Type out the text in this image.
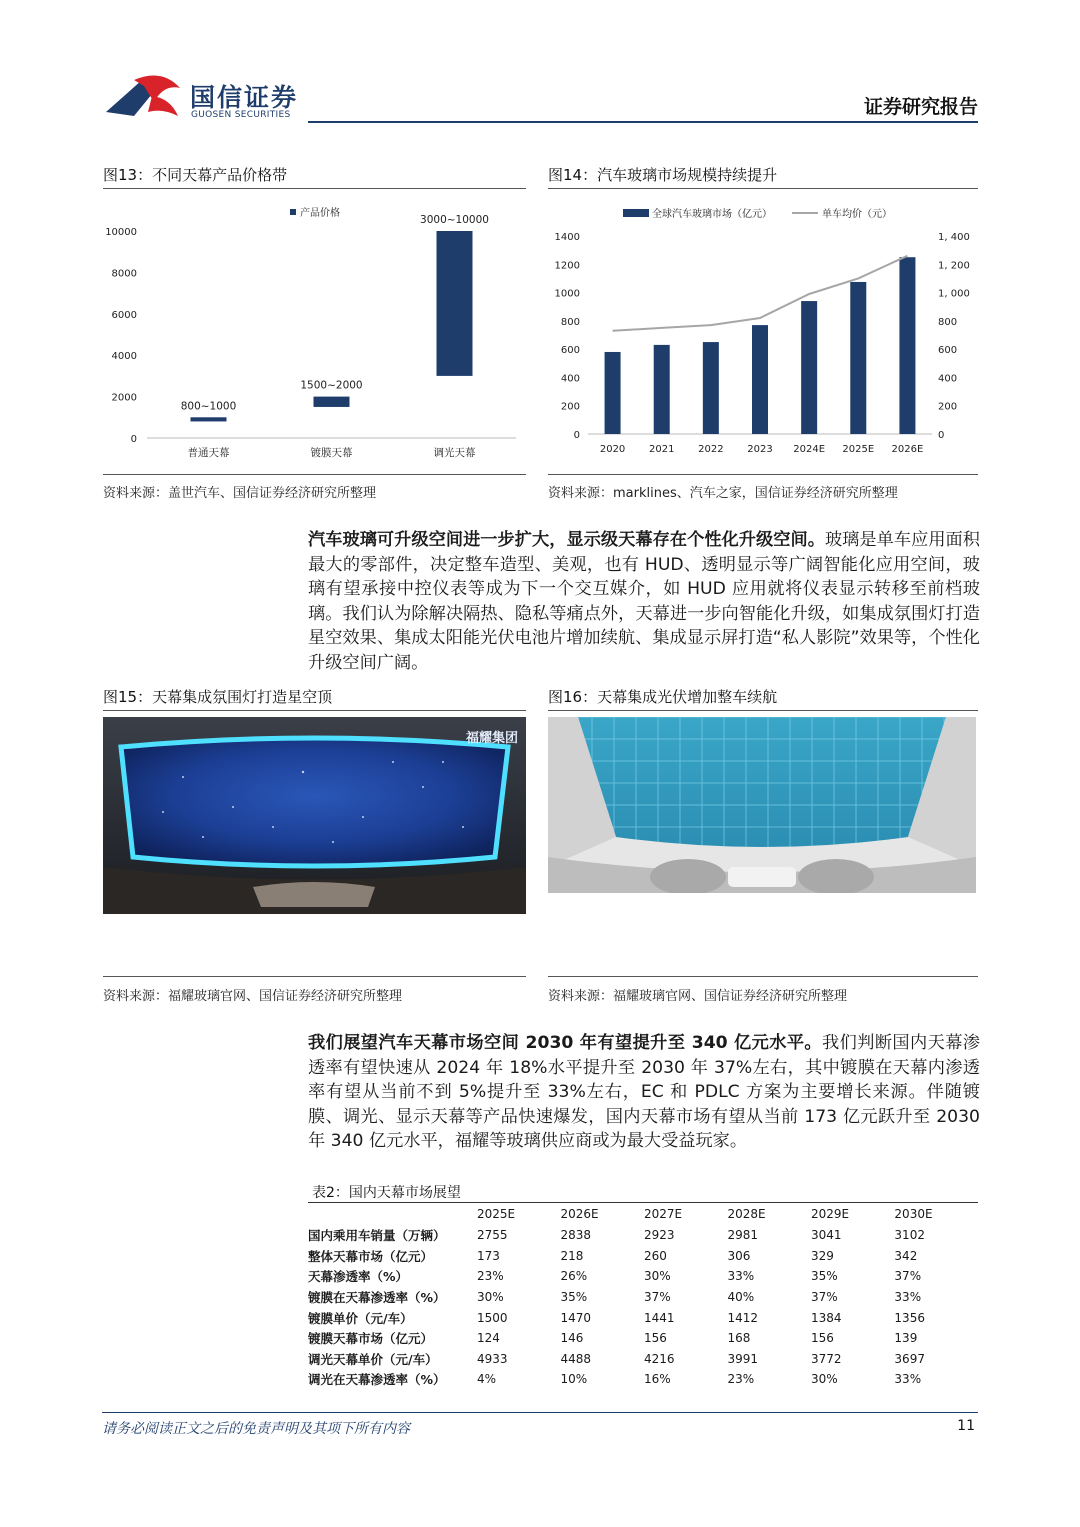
国信证券
GUOSEN SECURITIES	证券研究报告
图13：不同天幕产品价格带
0
2000
4000
6000
8000
10000
产品价格
800~1000
普通天幕
1500~2000
镀膜天幕
3000~10000
调光天幕
资料来源：盖世汽车、国信证券经济研究所整理
图14：汽车玻璃市场规模持续提升
0
200
400
600
800
1000
1200
1400
0
200
400
600
800
1, 000
1, 200
1, 400
全球汽车玻璃市场（亿元）	单车均价（元）
2020 2021 2022 2023 2024E 2025E 2026E
资料来源：marklines、汽车之家，国信证券经济研究所整理
汽车玻璃可升级空间进一步扩大，显示级天幕存在个性化升级空间。玻璃是单车应用面积最大的零部件，决定整车造型、美观，也有 HUD、透明显示等广阔智能化应用空间，玻璃有望承接中控仪表等成为下一个交互媒介，如 HUD 应用就将仪表显示转移至前档玻璃。我们认为除解决隔热、隐私等痛点外，天幕进一步向智能化升级，如集成氛围灯打造星空效果、集成太阳能光伏电池片增加续航、集成显示屏打造“私人影院”效果等，个性化升级空间广阔。
图15：天幕集成氛围灯打造星空顶
福耀集团
资料来源：福耀玻璃官网、国信证券经济研究所整理
图16：天幕集成光伏增加整车续航
资料来源：福耀玻璃官网、国信证券经济研究所整理
我们展望汽车天幕市场空间 2030 年有望提升至 340 亿元水平。我们判断国内天幕渗透率有望快速从 2024 年 18%水平提升至 2030 年 37%左右，其中镀膜在天幕内渗透率有望从当前不到 5%提升至 33%左右，EC 和 PDLC 方案为主要增长来源。伴随镀膜、调光、显示天幕等产品快速爆发，国内天幕市场有望从当前 173 亿元跃升至 2030 年 340 亿元水平，福耀等玻璃供应商或为最大受益玩家。
表2：国内天幕市场展望
	2025E	2026E	2027E	2028E	2029E	2030E
国内乘用车销量（万辆）	2755	2838	2923	2981	3041	3102
整体天幕市场（亿元）	173	218	260	306	329	342
天幕渗透率（%）	23%	26%	30%	33%	35%	37%
镀膜在天幕渗透率（%）	30%	35%	37%	40%	37%	33%
镀膜单价（元/车）	1500	1470	1441	1412	1384	1356
镀膜天幕市场（亿元）	124	146	156	168	156	139
调光天幕单价（元/车）	4933	4488	4216	3991	3772	3697
调光在天幕渗透率（%）	4%	10%	16%	23%	30%	33%
请务必阅读正文之后的免责声明及其项下所有内容	11
